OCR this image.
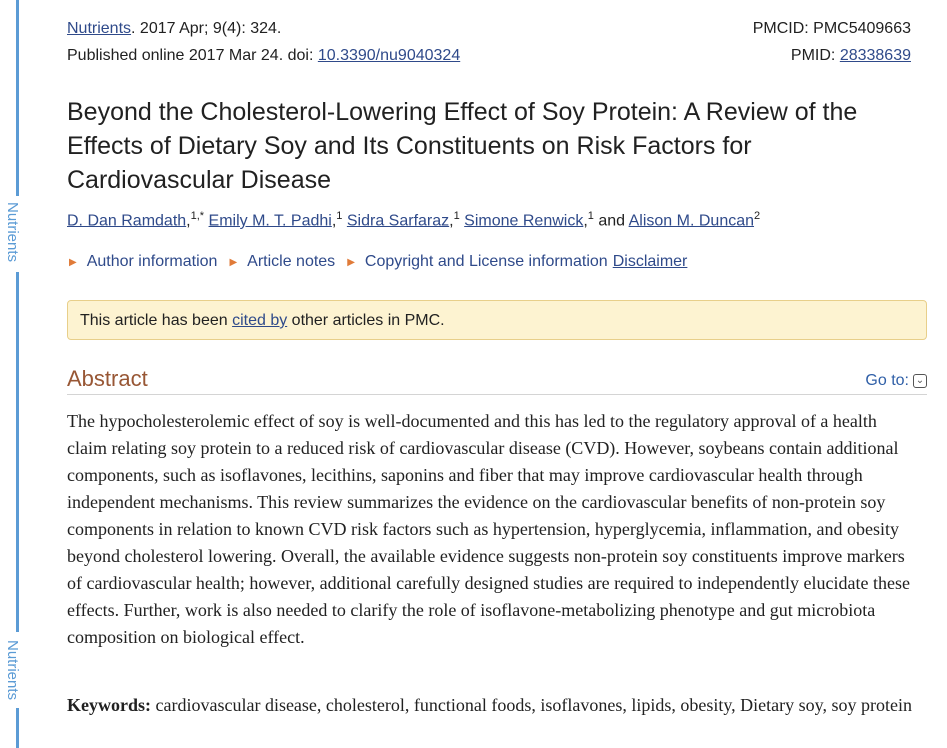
Nutrients
Nutrients
Nutrients. 2017 Apr; 9(4): 324.	PMCID: PMC5409663
Published online 2017 Mar 24. doi: 10.3390/nu9040324	PMID: 28338639
Beyond the Cholesterol-Lowering Effect of Soy Protein: A Review of the Effects of Dietary Soy and Its Constituents on Risk Factors for Cardiovascular Disease
D. Dan Ramdath,$^{1,*}$ Emily M. T. Padhi,$^1$ Sidra Sarfaraz,$^1$ Simone Renwick,$^1$ and Alison M. Duncan$^2$
▶ Author information ▶ Article notes ▶ Copyright and License information Disclaimer
This article has been cited by other articles in PMC.
Abstract	Go to: ⌄

The hypocholesterolemic effect of soy is well-documented and this has led to the regulatory approval of a health claim relating soy protein to a reduced risk of cardiovascular disease (CVD). However, soybeans contain additional components, such as isoflavones, lecithins, saponins and fiber that may improve cardiovascular health through independent mechanisms. This review summarizes the evidence on the cardiovascular benefits of non-protein soy components in relation to known CVD risk factors such as hypertension, hyperglycemia, inflammation, and obesity beyond cholesterol lowering. Overall, the available evidence suggests non-protein soy constituents improve markers of cardiovascular health; however, additional carefully designed studies are required to independently elucidate these effects. Further, work is also needed to clarify the role of isoflavone-metabolizing phenotype and gut microbiota composition on biological effect.

Keywords: cardiovascular disease, cholesterol, functional foods, isoflavones, lipids, obesity, Dietary soy, soy protein
